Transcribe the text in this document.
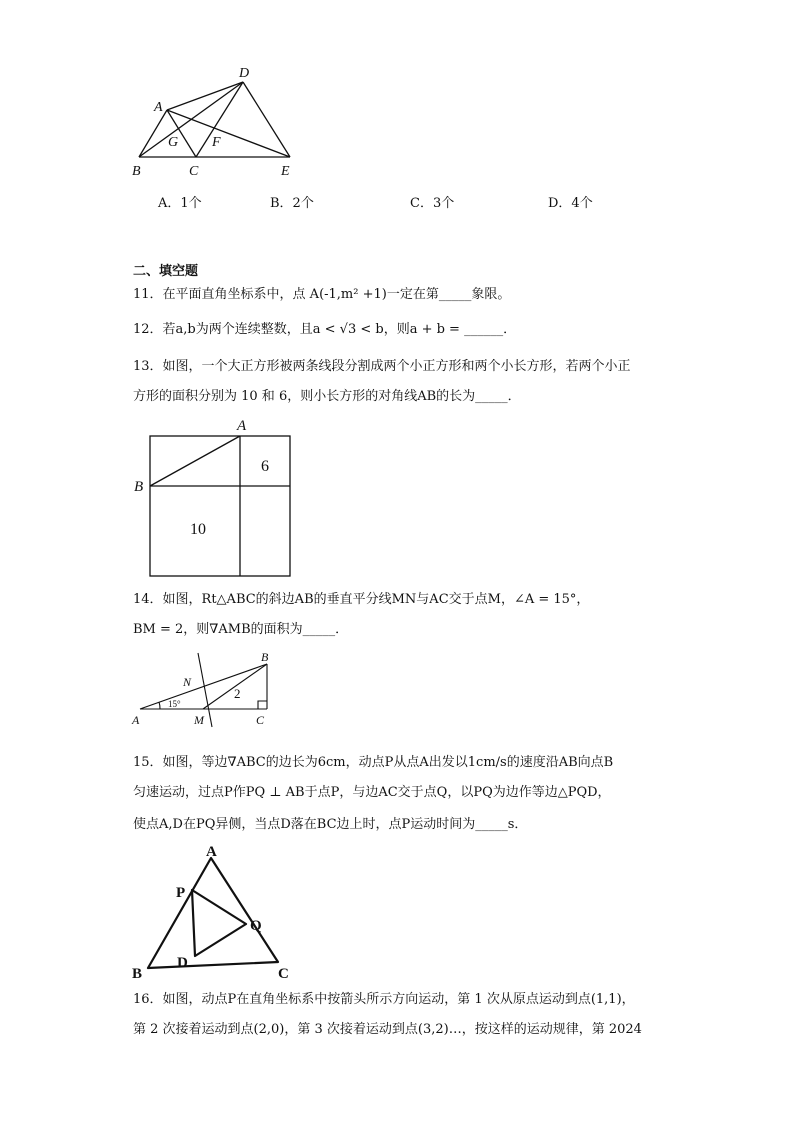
D
A
G F
B	C	E
A．1个	B．2个	C．3个	D．4个
二、填空题
11．在平面直角坐标系中，点 A(-1,m² +1)一定在第_____象限。
12．若a,b为两个连续整数，且a < √3 < b，则a + b = ______．
13．如图，一个大正方形被两条线段分割成两个小正方形和两个小长方形，若两个小正
方形的面积分别为 10 和 6，则小长方形的对角线AB的长为_____．
A
B
6
10
14．如图，Rt△ABC的斜边AB的垂直平分线MN与AC交于点M，∠A = 15°，
BM = 2，则∇AMB的面积为_____．
B
N
2
15°
A	M	C
15．如图，等边∇ABC的边长为6cm，动点P从点A出发以1cm/s的速度沿AB向点B
匀速运动，过点P作PQ ⊥ AB于点P，与边AC交于点Q，以PQ为边作等边△PQD，
使点A,D在PQ异侧，当点D落在BC边上时，点P运动时间为_____s．
A
P
Q
D
B	C
16．如图，动点P在直角坐标系中按箭头所示方向运动，第 1 次从原点运动到点(1,1)，
第 2 次接着运动到点(2,0)，第 3 次接着运动到点(3,2)…，按这样的运动规律，第 2024
